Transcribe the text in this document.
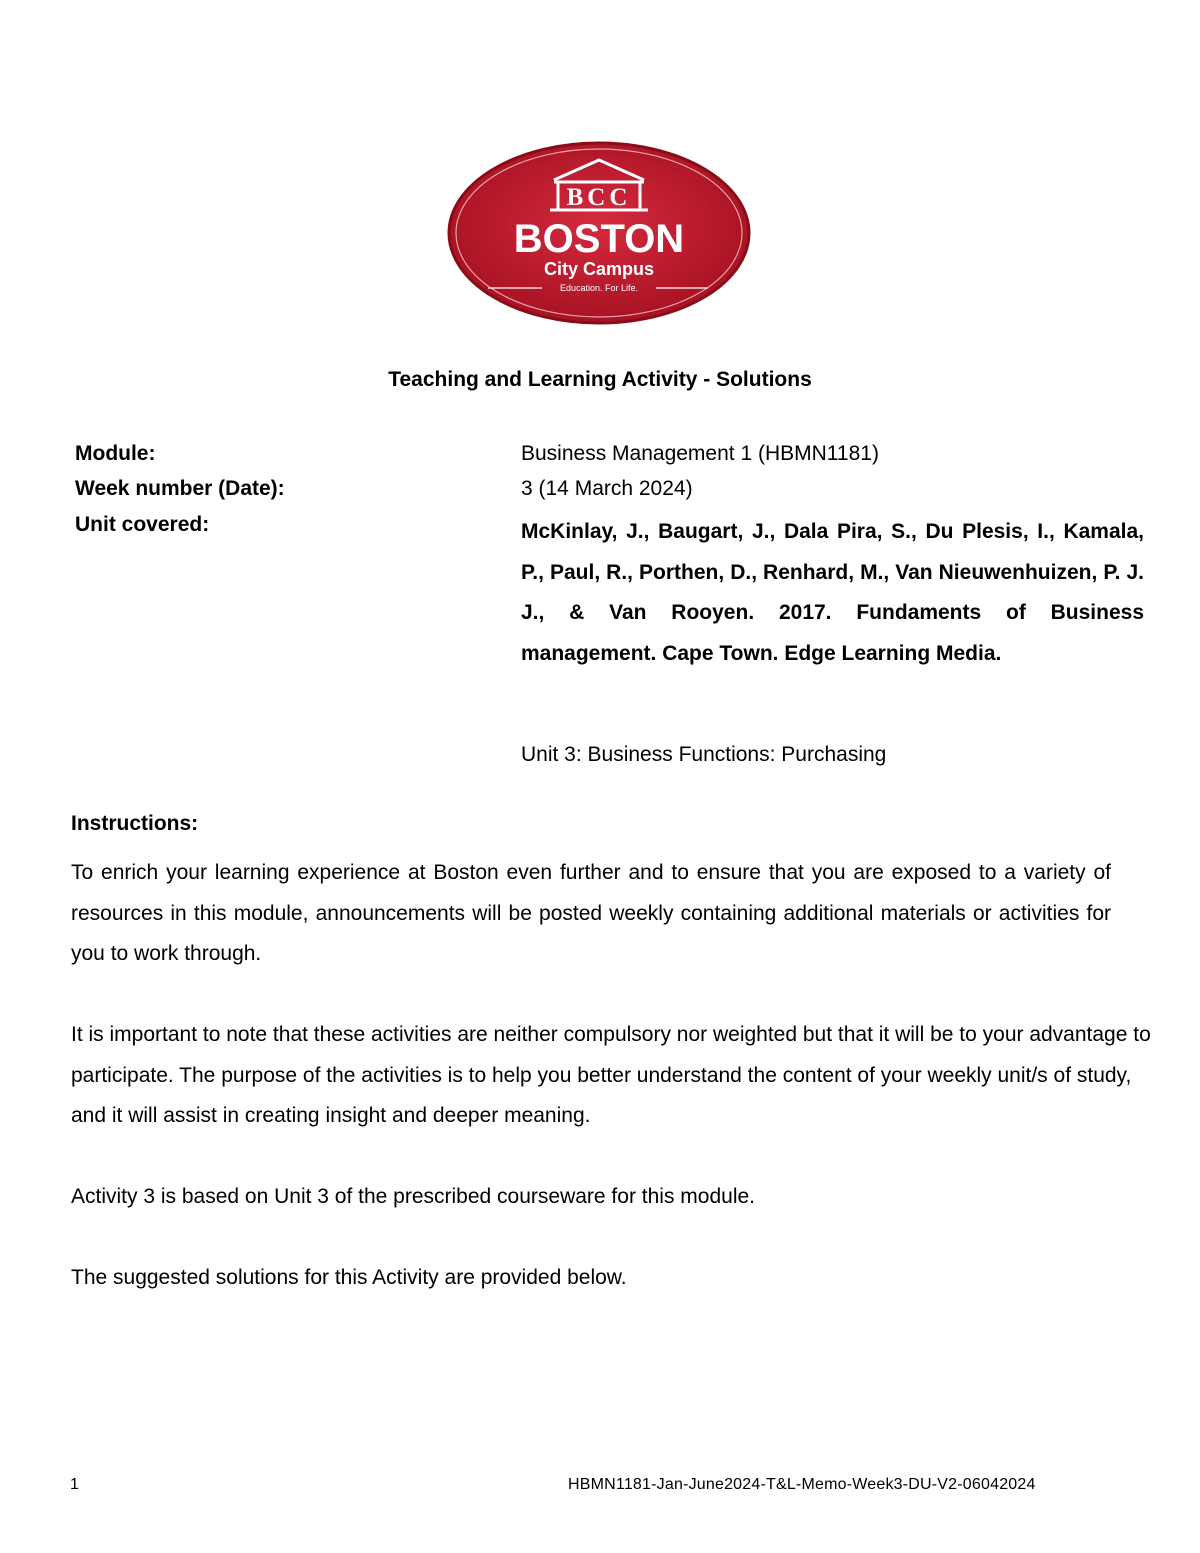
BCC
BOSTON
City Campus
Education. For Life.
Teaching and Learning Activity - Solutions
Module:	Business Management 1 (HBMN1181)
Week number (Date):	3 (14 March 2024)
Unit covered:	McKinlay, J., Baugart, J., Dala Pira, S., Du Plesis, I., Kamala, P., Paul, R., Porthen, D., Renhard, M., Van Nieuwenhuizen, P. J. J., & Van Rooyen. 2017. Fundaments of Business management. Cape Town. Edge Learning Media.

Unit 3: Business Functions: Purchasing
Instructions:

To enrich your learning experience at Boston even further and to ensure that you are exposed to a variety of resources in this module, announcements will be posted weekly containing additional materials or activities for you to work through.

It is important to note that these activities are neither compulsory nor weighted but that it will be to your advantage to participate. The purpose of the activities is to help you better understand the content of your weekly unit/s of study, and it will assist in creating insight and deeper meaning.

Activity 3 is based on Unit 3 of the prescribed courseware for this module.

The suggested solutions for this Activity are provided below.

1	HBMN1181-Jan-June2024-T&L-Memo-Week3-DU-V2-06042024
